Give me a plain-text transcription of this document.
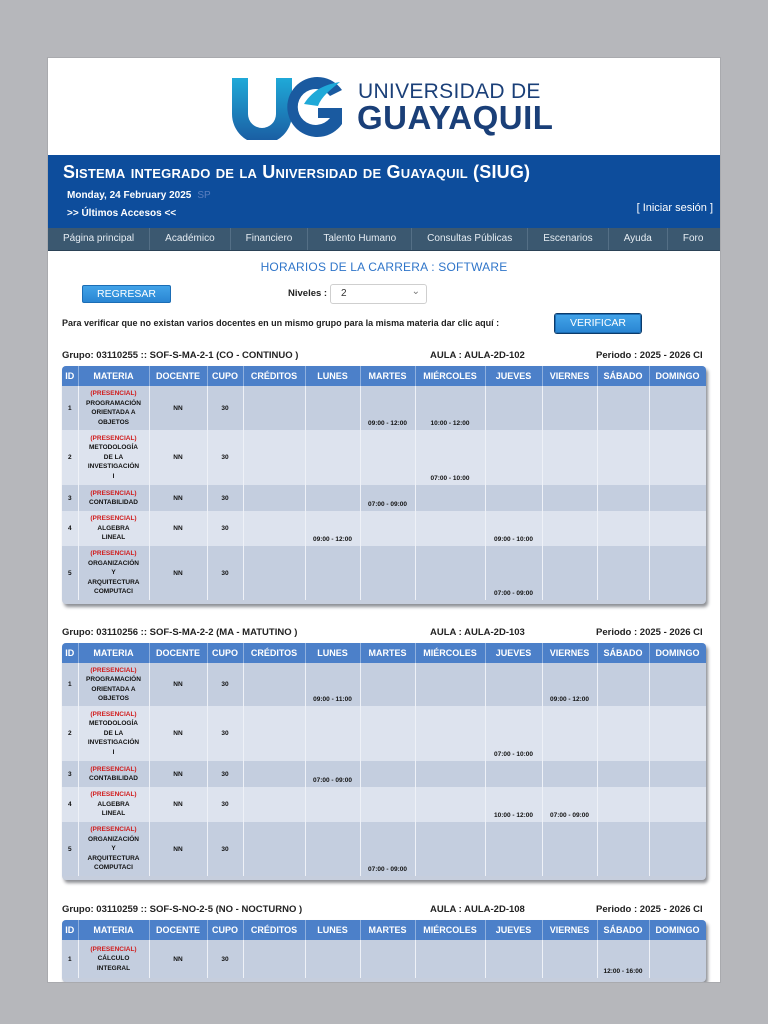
UNIVERSIDAD DE
GUAYAQUIL
Sistema integrado de la Universidad de Guayaquil (SIUG)
Monday, 24 February 2025 SP
>> Últimos Accesos <<	[ Iniciar sesión ]
Página principal	Académico	Financiero	Talento Humano	Consultas Públicas	Escenarios	Ayuda	Foro
HORARIOS DE LA CARRERA : SOFTWARE
REGRESAR	Niveles : 2	⌄
Para verificar que no existan varios docentes en un mismo grupo para la misma materia dar clic aquí :	VERIFICAR
Grupo: 03110255 :: SOF-S-MA-2-1 (CO - CONTINUO )	AULA : AULA-2D-102	Periodo : 2025 - 2026 CI
ID	MATERIA	DOCENTE	CUPO	CRÉDITOS	LUNES	MARTES	MIÉRCOLES	JUEVES	VIERNES	SÁBADO	DOMINGO
1	(PRESENCIAL)
PROGRAMACIÓN
ORIENTADA A
OBJETOS	NN	30			09:00 - 12:00	10:00 - 12:00				
2	(PRESENCIAL)
METODOLOGÍA
DE LA
INVESTIGACIÓN
I	NN	30				07:00 - 10:00				
3	(PRESENCIAL)
CONTABILIDAD	NN	30			07:00 - 09:00					
4	(PRESENCIAL)
ALGEBRA
LINEAL	NN	30		09:00 - 12:00			09:00 - 10:00			
5	(PRESENCIAL)
ORGANIZACIÓN
Y
ARQUITECTURA
COMPUTACI	NN	30					07:00 - 09:00			
Grupo: 03110256 :: SOF-S-MA-2-2 (MA - MATUTINO )	AULA : AULA-2D-103	Periodo : 2025 - 2026 CI
ID	MATERIA	DOCENTE	CUPO	CRÉDITOS	LUNES	MARTES	MIÉRCOLES	JUEVES	VIERNES	SÁBADO	DOMINGO
1	(PRESENCIAL)
PROGRAMACIÓN
ORIENTADA A
OBJETOS	NN	30		09:00 - 11:00				09:00 - 12:00		
2	(PRESENCIAL)
METODOLOGÍA
DE LA
INVESTIGACIÓN
I	NN	30					07:00 - 10:00			
3	(PRESENCIAL)
CONTABILIDAD	NN	30		07:00 - 09:00						
4	(PRESENCIAL)
ALGEBRA
LINEAL	NN	30					10:00 - 12:00	07:00 - 09:00		
5	(PRESENCIAL)
ORGANIZACIÓN
Y
ARQUITECTURA
COMPUTACI	NN	30			07:00 - 09:00					
Grupo: 03110259 :: SOF-S-NO-2-5 (NO - NOCTURNO )	AULA : AULA-2D-108	Periodo : 2025 - 2026 CI
ID	MATERIA	DOCENTE	CUPO	CRÉDITOS	LUNES	MARTES	MIÉRCOLES	JUEVES	VIERNES	SÁBADO	DOMINGO
1	(PRESENCIAL)
CÁLCULO
INTEGRAL	NN	30							12:00 - 16:00	
